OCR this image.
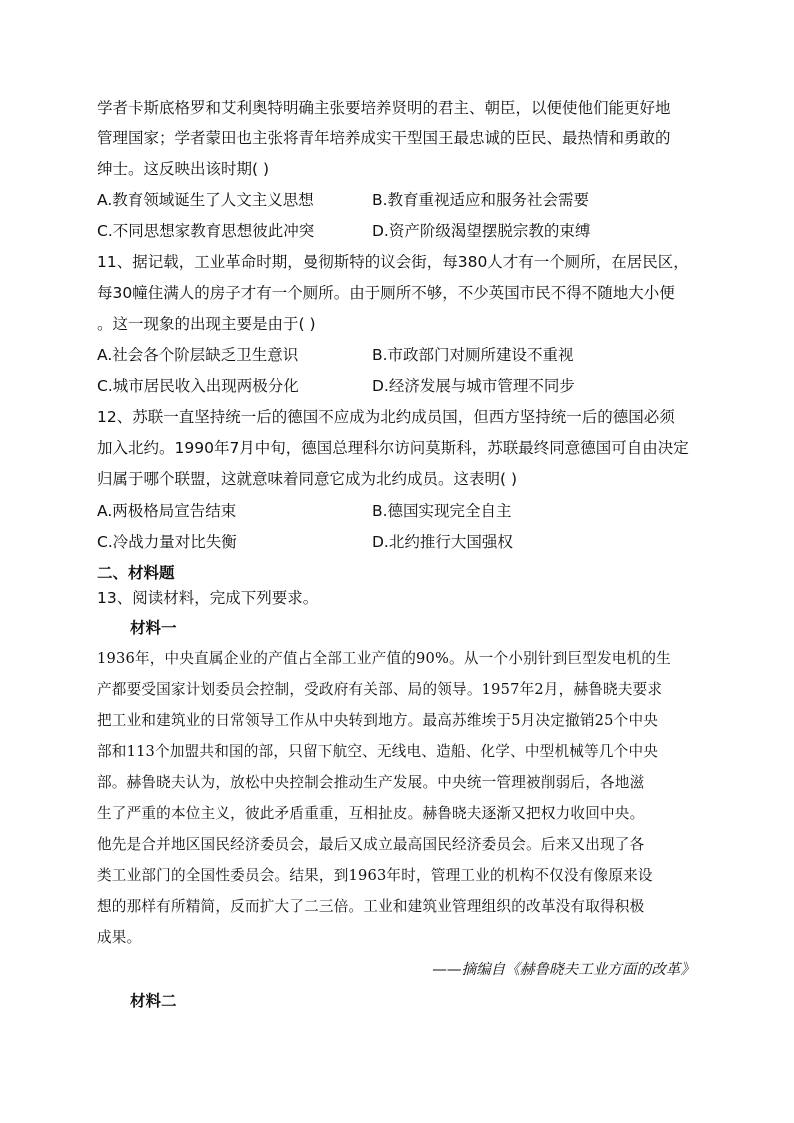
学者卡斯底格罗和艾利奥特明确主张要培养贤明的君主、朝臣，以便使他们能更好地
管理国家；学者蒙田也主张将青年培养成实干型国王最忠诚的臣民、最热情和勇敢的
绅士。这反映出该时期( )
A.教育领域诞生了人文主义思想	B.教育重视适应和服务社会需要
C.不同思想家教育思想彼此冲突	D.资产阶级渴望摆脱宗教的束缚
11、据记载，工业革命时期，曼彻斯特的议会街，每380人才有一个厕所，在居民区，
每30幢住满人的房子才有一个厕所。由于厕所不够，不少英国市民不得不随地大小便
。这一现象的出现主要是由于( )
A.社会各个阶层缺乏卫生意识	B.市政部门对厕所建设不重视
C.城市居民收入出现两极分化	D.经济发展与城市管理不同步
12、苏联一直坚持统一后的德国不应成为北约成员国，但西方坚持统一后的德国必须
加入北约。1990年7月中旬，德国总理科尔访问莫斯科，苏联最终同意德国可自由决定
归属于哪个联盟，这就意味着同意它成为北约成员。这表明( )
A.两极格局宣告结束	B.德国实现完全自主
C.冷战力量对比失衡	D.北约推行大国强权
二、材料题
13、阅读材料，完成下列要求。
材料一
1936年，中央直属企业的产值占全部工业产值的90%。从一个小别针到巨型发电机的生
产都要受国家计划委员会控制，受政府有关部、局的领导。1957年2月，赫鲁晓夫要求
把工业和建筑业的日常领导工作从中央转到地方。最高苏维埃于5月决定撤销25个中央
部和113个加盟共和国的部，只留下航空、无线电、造船、化学、中型机械等几个中央
部。赫鲁晓夫认为，放松中央控制会推动生产发展。中央统一管理被削弱后，各地滋
生了严重的本位主义，彼此矛盾重重，互相扯皮。赫鲁晓夫逐渐又把权力收回中央。
他先是合并地区国民经济委员会，最后又成立最高国民经济委员会。后来又出现了各
类工业部门的全国性委员会。结果，到1963年时，管理工业的机构不仅没有像原来设
想的那样有所精简，反而扩大了二三倍。工业和建筑业管理组织的改革没有取得积极
成果。
——摘编自《赫鲁晓夫工业方面的改革》
材料二
